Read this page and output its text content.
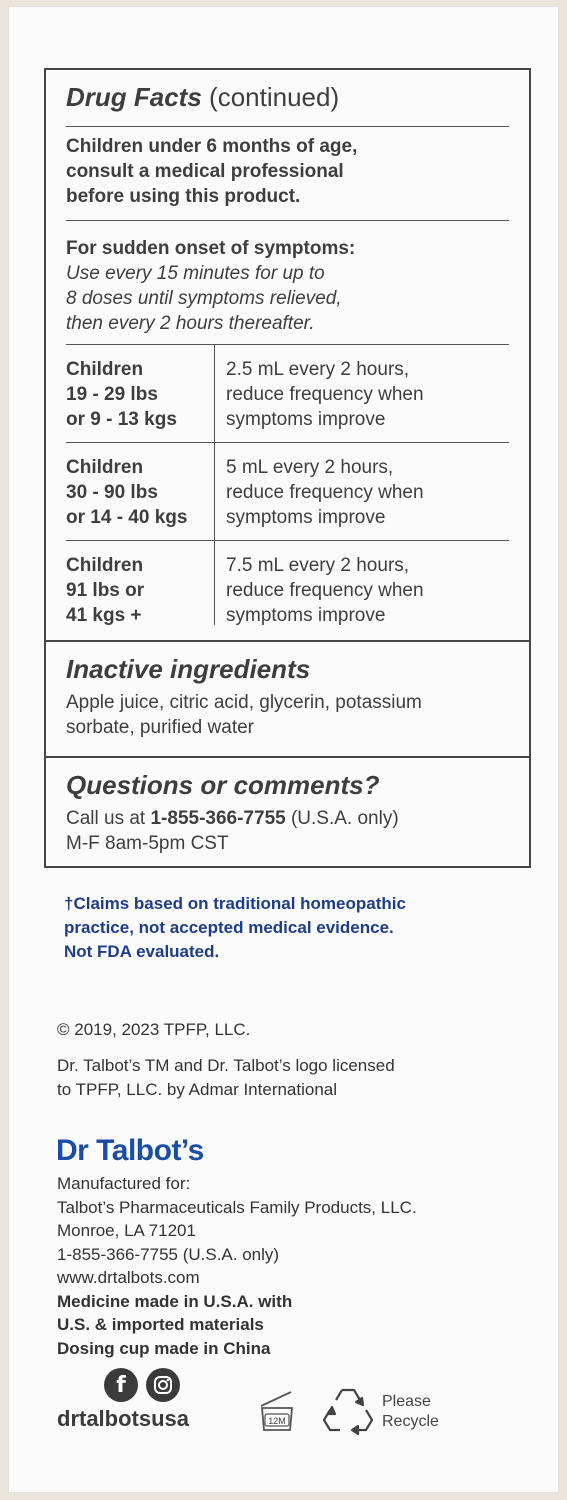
Drug Facts (continued)
Children under 6 months of age,
consult a medical professional
before using this product.
For sudden onset of symptoms:
Use every 15 minutes for up to
8 doses until symptoms relieved,
then every 2 hours thereafter.
Children
19 - 29 lbs
or 9 - 13 kgs
2.5 mL every 2 hours,
reduce frequency when
symptoms improve
Children
30 - 90 lbs
or 14 - 40 kgs
5 mL every 2 hours,
reduce frequency when
symptoms improve
Children
91 lbs or
41 kgs +
7.5 mL every 2 hours,
reduce frequency when
symptoms improve
Inactive ingredients
Apple juice, citric acid, glycerin, potassium
sorbate, purified water
Questions or comments?
Call us at 1-855-366-7755 (U.S.A. only)
M-F 8am-5pm CST
†Claims based on traditional homeopathic
practice, not accepted medical evidence.
Not FDA evaluated.
© 2019, 2023 TPFP, LLC.
Dr. Talbot’s TM and Dr. Talbot’s logo licensed
to TPFP, LLC. by Admar International
Dr Talbot’s
Manufactured for:
Talbot’s Pharmaceuticals Family Products, LLC.
Monroe, LA 71201
1-855-366-7755 (U.S.A. only)
www.drtalbots.com
Medicine made in U.S.A. with
U.S. & imported materials
Dosing cup made in China
f
drtalbotsusa	12M
Please
Recycle
